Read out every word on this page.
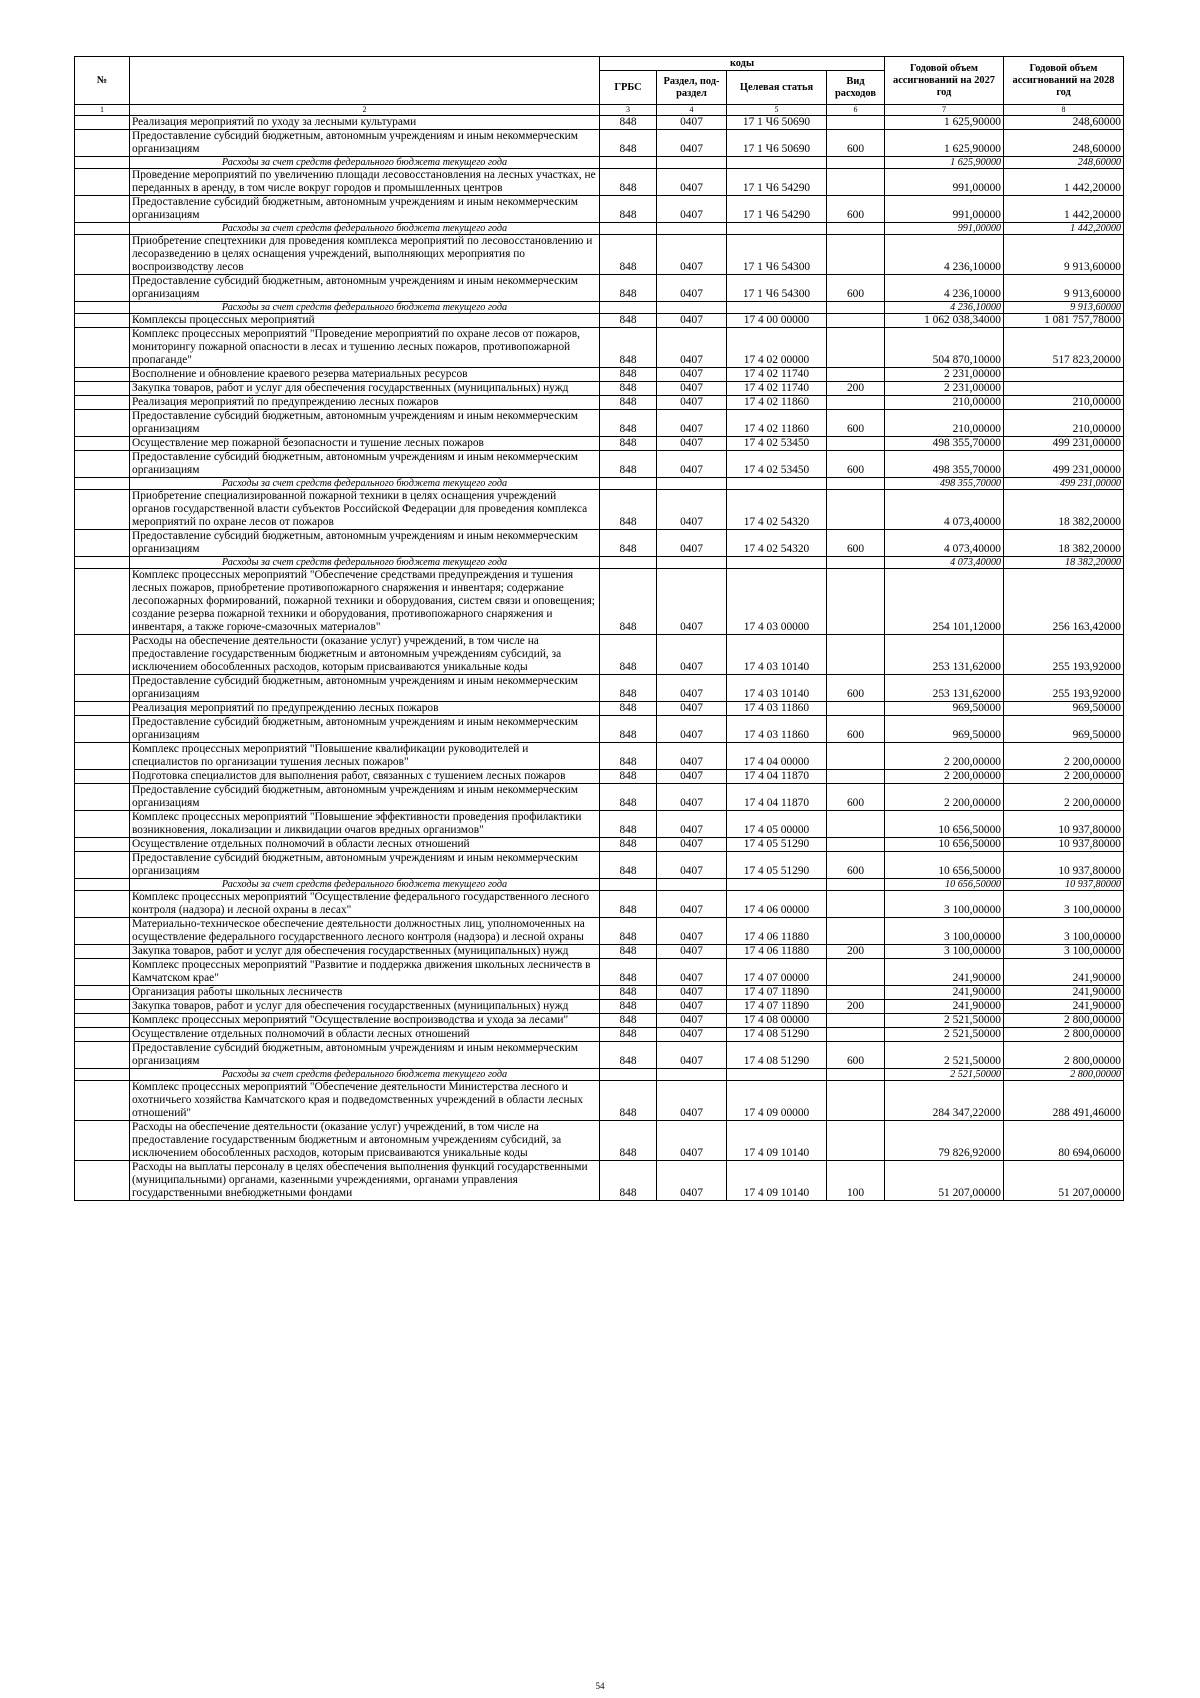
№		коды				Годовой объем ассигнований на 2027 год	Годовой объем ассигнований на 2028 год
		ГРБС	Раздел, под-раздел	Целевая статья	Вид расходов		
1	2	3	4	5	6	7	8
	Реализация мероприятий по уходу за лесными культурами	848	0407	17 1 Ч6 50690		1 625,90000	248,60000
	Предоставление субсидий бюджетным, автономным учреждениям и иным некоммерческим организациям	848	0407	17 1 Ч6 50690	600	1 625,90000	248,60000
	Расходы за счет средств федерального бюджета текущего года					1 625,90000	248,60000
	Проведение мероприятий по увеличению площади лесовосстановления на лесных участках, не переданных в аренду, в том числе вокруг городов и промышленных центров	848	0407	17 1 Ч6 54290		991,00000	1 442,20000
	Предоставление субсидий бюджетным, автономным учреждениям и иным некоммерческим организациям	848	0407	17 1 Ч6 54290	600	991,00000	1 442,20000
	Расходы за счет средств федерального бюджета текущего года					991,00000	1 442,20000
	Приобретение спецтехники для проведения комплекса мероприятий по лесовосстановлению и лесоразведению в целях оснащения учреждений, выполняющих мероприятия по воспроизводству лесов	848	0407	17 1 Ч6 54300		4 236,10000	9 913,60000
	Предоставление субсидий бюджетным, автономным учреждениям и иным некоммерческим организациям	848	0407	17 1 Ч6 54300	600	4 236,10000	9 913,60000
	Расходы за счет средств федерального бюджета текущего года					4 236,10000	9 913,60000
	Комплексы процессных мероприятий	848	0407	17 4 00 00000		1 062 038,34000	1 081 757,78000
	Комплекс процессных мероприятий "Проведение мероприятий по охране лесов от пожаров, мониторингу пожарной опасности в лесах и тушению лесных пожаров, противопожарной пропаганде"	848	0407	17 4 02 00000		504 870,10000	517 823,20000
	Восполнение и обновление краевого резерва материальных ресурсов	848	0407	17 4 02 11740		2 231,00000	
	Закупка товаров, работ и услуг для обеспечения государственных (муниципальных) нужд	848	0407	17 4 02 11740	200	2 231,00000	
	Реализация мероприятий по предупреждению лесных пожаров	848	0407	17 4 02 11860		210,00000	210,00000
	Предоставление субсидий бюджетным, автономным учреждениям и иным некоммерческим организациям	848	0407	17 4 02 11860	600	210,00000	210,00000
	Осуществление мер пожарной безопасности и тушение лесных пожаров	848	0407	17 4 02 53450		498 355,70000	499 231,00000
	Предоставление субсидий бюджетным, автономным учреждениям и иным некоммерческим организациям	848	0407	17 4 02 53450	600	498 355,70000	499 231,00000
	Расходы за счет средств федерального бюджета текущего года					498 355,70000	499 231,00000
	Приобретение специализированной пожарной техники в целях оснащения учреждений органов государственной власти субъектов Российской Федерации для проведения комплекса мероприятий по охране лесов от пожаров	848	0407	17 4 02 54320		4 073,40000	18 382,20000
	Предоставление субсидий бюджетным, автономным учреждениям и иным некоммерческим организациям	848	0407	17 4 02 54320	600	4 073,40000	18 382,20000
	Расходы за счет средств федерального бюджета текущего года					4 073,40000	18 382,20000
	Комплекс процессных мероприятий "Обеспечение средствами предупреждения и тушения лесных пожаров, приобретение противопожарного снаряжения и инвентаря; содержание лесопожарных формирований, пожарной техники и оборудования, систем связи и оповещения; создание резерва пожарной техники и оборудования, противопожарного снаряжения и инвентаря, а также горюче-смазочных материалов"	848	0407	17 4 03 00000		254 101,12000	256 163,42000
	Расходы на обеспечение деятельности (оказание услуг) учреждений, в том числе на предоставление государственным бюджетным и автономным учреждениям субсидий, за исключением обособленных расходов, которым присваиваются уникальные коды	848	0407	17 4 03 10140		253 131,62000	255 193,92000
	Предоставление субсидий бюджетным, автономным учреждениям и иным некоммерческим организациям	848	0407	17 4 03 10140	600	253 131,62000	255 193,92000
	Реализация мероприятий по предупреждению лесных пожаров	848	0407	17 4 03 11860		969,50000	969,50000
	Предоставление субсидий бюджетным, автономным учреждениям и иным некоммерческим организациям	848	0407	17 4 03 11860	600	969,50000	969,50000
	Комплекс процессных мероприятий "Повышение квалификации руководителей и специалистов по организации тушения лесных пожаров"	848	0407	17 4 04 00000		2 200,00000	2 200,00000
	Подготовка специалистов для выполнения работ, связанных с тушением лесных пожаров	848	0407	17 4 04 11870		2 200,00000	2 200,00000
	Предоставление субсидий бюджетным, автономным учреждениям и иным некоммерческим организациям	848	0407	17 4 04 11870	600	2 200,00000	2 200,00000
	Комплекс процессных мероприятий "Повышение эффективности проведения профилактики возникновения, локализации и ликвидации очагов вредных организмов"	848	0407	17 4 05 00000		10 656,50000	10 937,80000
	Осуществление отдельных полномочий в области лесных отношений	848	0407	17 4 05 51290		10 656,50000	10 937,80000
	Предоставление субсидий бюджетным, автономным учреждениям и иным некоммерческим организациям	848	0407	17 4 05 51290	600	10 656,50000	10 937,80000
	Расходы за счет средств федерального бюджета текущего года					10 656,50000	10 937,80000
	Комплекс процессных мероприятий "Осуществление федерального государственного лесного контроля (надзора) и лесной охраны в лесах"	848	0407	17 4 06 00000		3 100,00000	3 100,00000
	Материально-техническое обеспечение деятельности должностных лиц, уполномоченных на осуществление федерального государственного лесного контроля (надзора) и лесной охраны	848	0407	17 4 06 11880		3 100,00000	3 100,00000
	Закупка товаров, работ и услуг для обеспечения государственных (муниципальных) нужд	848	0407	17 4 06 11880	200	3 100,00000	3 100,00000
	Комплекс процессных мероприятий "Развитие и поддержка движения школьных лесничеств в Камчатском крае"	848	0407	17 4 07 00000		241,90000	241,90000
	Организация работы школьных лесничеств	848	0407	17 4 07 11890		241,90000	241,90000
	Закупка товаров, работ и услуг для обеспечения государственных (муниципальных) нужд	848	0407	17 4 07 11890	200	241,90000	241,90000
	Комплекс процессных мероприятий "Осуществление воспроизводства и ухода за лесами"	848	0407	17 4 08 00000		2 521,50000	2 800,00000
	Осуществление отдельных полномочий в области лесных отношений	848	0407	17 4 08 51290		2 521,50000	2 800,00000
	Предоставление субсидий бюджетным, автономным учреждениям и иным некоммерческим организациям	848	0407	17 4 08 51290	600	2 521,50000	2 800,00000
	Расходы за счет средств федерального бюджета текущего года					2 521,50000	2 800,00000
	Комплекс процессных мероприятий "Обеспечение деятельности Министерства лесного и охотничьего хозяйства Камчатского края и подведомственных учреждений в области лесных отношений"	848	0407	17 4 09 00000		284 347,22000	288 491,46000
	Расходы на обеспечение деятельности (оказание услуг) учреждений, в том числе на предоставление государственным бюджетным и автономным учреждениям субсидий, за исключением обособленных расходов, которым присваиваются уникальные коды	848	0407	17 4 09 10140		79 826,92000	80 694,06000
	Расходы на выплаты персоналу в целях обеспечения выполнения функций государственными (муниципальными) органами, казенными учреждениями, органами управления государственными внебюджетными фондами	848	0407	17 4 09 10140	100	51 207,00000	51 207,00000
54
